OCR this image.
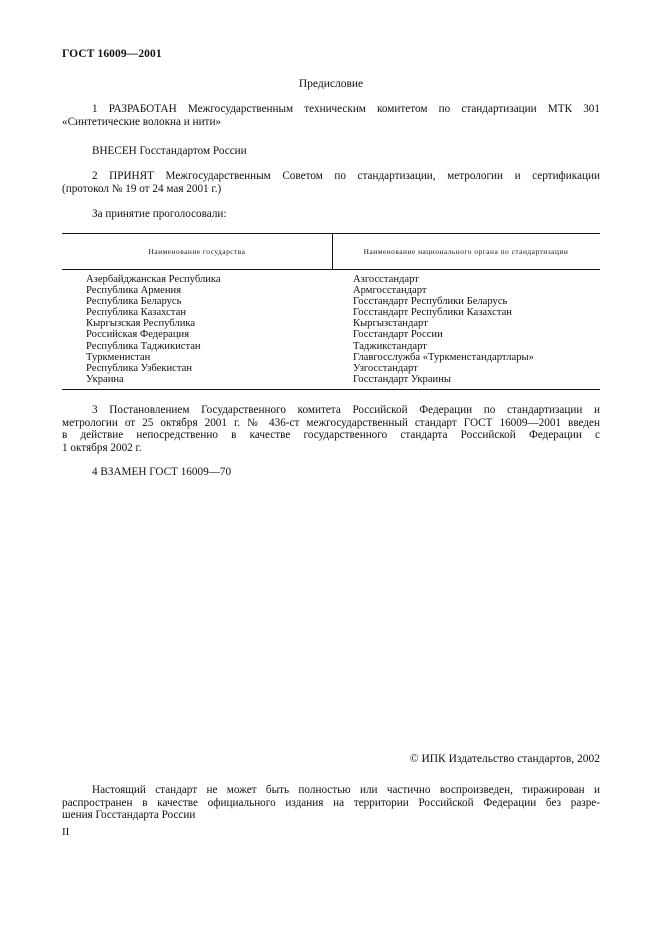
ГОСТ 16009—2001
Предисловие
1 РАЗРАБОТАН Межгосударственным техническим комитетом по стандартизации МТК 301
«Синтетические волокна и нити»
ВНЕСЕН Госстандартом России
2 ПРИНЯТ Межгосударственным Советом по стандартизации, метрологии и сертификации
(протокол № 19 от 24 мая 2001 г.)
За принятие проголосовали:
Наименование государства	Наименование национального органа по стандартизации
Азербайджанская Республика
Республика Армения
Республика Беларусь
Республика Казахстан
Кыргызская Республика
Российская Федерация
Республика Таджикистан
Туркменистан
Республика Узбекистан
Украина
Азгосстандарт
Армгосстандарт
Госстандарт Республики Беларусь
Госстандарт Республики Казахстан
Кыргызстандарт
Госстандарт России
Таджикстандарт
Главгосслужба «Туркменстандартлары»
Узгосстандарт
Госстандарт Украины
3 Постановлением Государственного комитета Российской Федерации по стандартизации и
метрологии от 25 октября 2001 г. № 436-ст межгосударственный стандарт ГОСТ 16009—2001 введен
в действие непосредственно в качестве государственного стандарта Российской Федерации с
1 октября 2002 г.
4 ВЗАМЕН ГОСТ 16009—70
© ИПК Издательство стандартов, 2002
Настоящий стандарт не может быть полностью или частично воспроизведен, тиражирован и
распространен в качестве официального издания на территории Российской Федерации без разре-
шения Госстандарта России
II
